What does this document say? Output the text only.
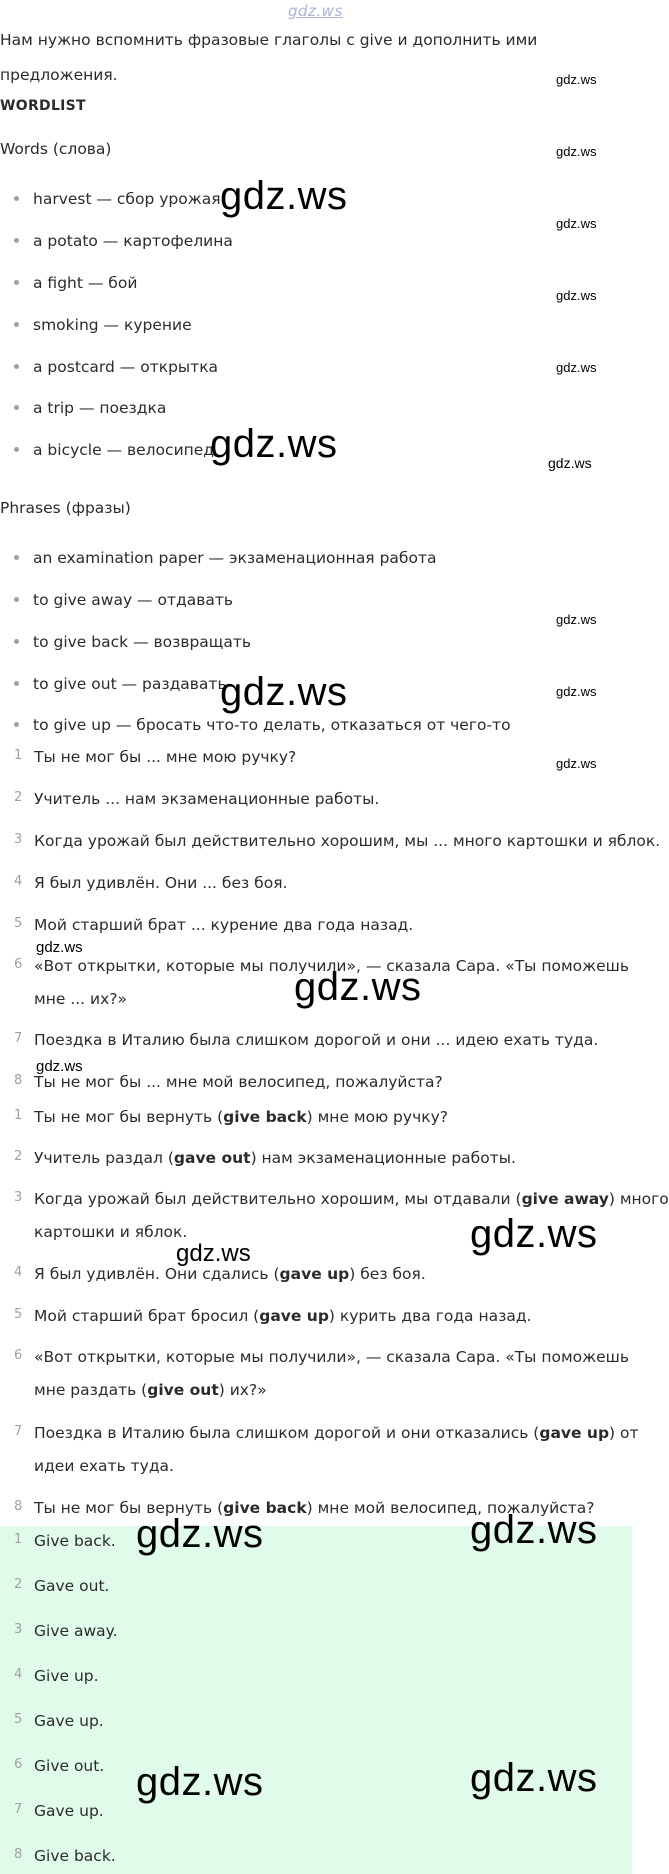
gdz.ws
Нам нужно вспомнить фразовые глаголы с give и дополнить ими
предложения.
WORDLIST
Words (слова)
harvest — сбор урожая
a potato — картофелина
a fight — бой
smoking — курение
a postcard — открытка
a trip — поездка
a bicycle — велосипед
Phrases (фразы)
an examination paper — экзаменационная работа
to give away — отдавать
to give back — возвращать
to give out — раздавать
to give up — бросать что-то делать, отказаться от чего-то
1 Ты не мог бы ... мне мою ручку?
2 Учитель ... нам экзаменационные работы.
3 Когда урожай был действительно хорошим, мы ... много картошки и яблок.
4 Я был удивлён. Они ... без боя.
5 Мой старший брат ... курение два года назад.
6 «Вот открытки, которые мы получили», — сказала Сара. «Ты поможешь
мне ... их?»
7 Поездка в Италию была слишком дорогой и они ... идею ехать туда.
8 Ты не мог бы ... мне мой велосипед, пожалуйста?
1 Ты не мог бы вернуть (give back) мне мою ручку?
2 Учитель раздал (gave out) нам экзаменационные работы.
3 Когда урожай был действительно хорошим, мы отдавали (give away) много
картошки и яблок.
4 Я был удивлён. Они сдались (gave up) без боя.
5 Мой старший брат бросил (gave up) курить два года назад.
6 «Вот открытки, которые мы получили», — сказала Сара. «Ты поможешь
мне раздать (give out) их?»
7 Поездка в Италию была слишком дорогой и они отказались (gave up) от
идеи ехать туда.
8 Ты не мог бы вернуть (give back) мне мой велосипед, пожалуйста?
1 Give back.
2 Gave out.
3 Give away.
4 Give up.
5 Gave up.
6 Give out.
7 Gave up.
8 Give back.
gdz.ws
gdz.ws
gdz.ws
gdz.ws
gdz.ws
gdz.ws
gdz.ws
gdz.ws
gdz.ws
gdz.ws
gdz.ws
gdz.ws
gdz.ws
gdz.ws
gdz.ws
gdz.ws
gdz.ws
gdz.ws	gdz.ws
gdz.ws	gdz.ws
